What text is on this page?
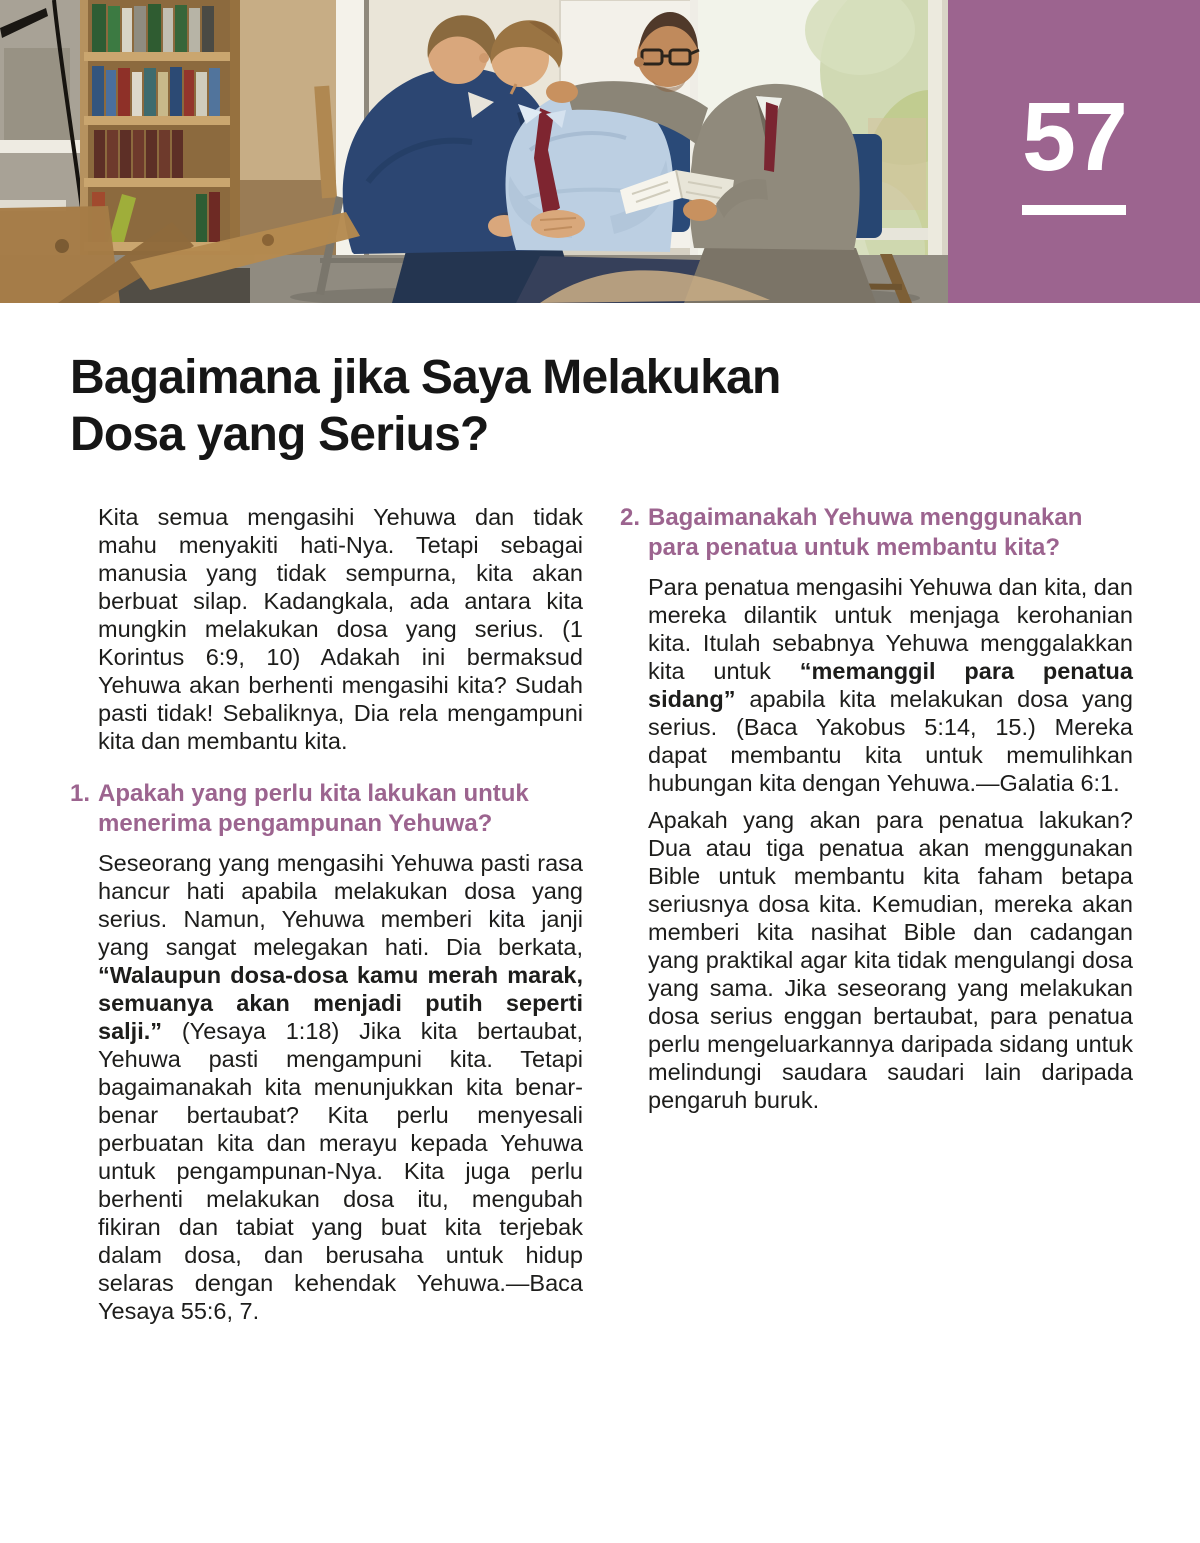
57
Bagaimana jika Saya Melakukan
Dosa yang Serius?

Kita semua mengasihi Yehuwa dan tidak mahu menyakiti hati-Nya. Tetapi sebagai manusia yang tidak sempurna, kita akan berbuat silap. Kadangkala, ada antara kita mungkin melakukan dosa yang serius. (1 Korintus 6:9, 10) Adakah ini bermaksud Yehuwa akan berhenti mengasihi kita? Sudah pasti tidak! Sebaliknya, Dia rela mengampuni kita dan membantu kita.

1. Apakah yang perlu kita lakukan untuk
menerima pengampunan Yehuwa?

Seseorang yang mengasihi Yehuwa pasti rasa hancur hati apabila melakukan dosa yang serius. Namun, Yehuwa memberi kita janji yang sangat melegakan hati. Dia berkata, “Walaupun dosa-dosa kamu merah marak, semuanya akan menjadi putih seperti salji.” (Yesaya 1:18) Jika kita bertaubat, Yehuwa pasti mengampuni kita. Tetapi bagaimanakah kita menunjukkan kita benar-benar bertaubat? Kita perlu menyesali perbuatan kita dan merayu kepada Yehuwa untuk pengampunan-Nya. Kita juga perlu berhenti melakukan dosa itu, mengubah fikiran dan tabiat yang buat kita terjebak dalam dosa, dan berusaha untuk hidup selaras dengan kehendak Yehuwa.—Baca Yesaya 55:6, 7.

2. Bagaimanakah Yehuwa menggunakan
para penatua untuk membantu kita?

Para penatua mengasihi Yehuwa dan kita, dan mereka dilantik untuk menjaga kerohanian kita. Itulah sebabnya Yehuwa menggalakkan kita untuk “memanggil para penatua sidang” apabila kita melakukan dosa yang serius. (Baca Yakobus 5:14, 15.) Mereka dapat membantu kita untuk memulihkan hubungan kita dengan Yehuwa.—Galatia 6:1.

Apakah yang akan para penatua lakukan? Dua atau tiga penatua akan menggunakan Bible untuk membantu kita faham betapa seriusnya dosa kita. Kemudian, mereka akan memberi kita nasihat Bible dan cadangan yang praktikal agar kita tidak mengulangi dosa yang sama. Jika seseorang yang melakukan dosa serius enggan bertaubat, para penatua perlu mengeluarkannya daripada sidang untuk melindungi saudara saudari lain daripada pengaruh buruk.
